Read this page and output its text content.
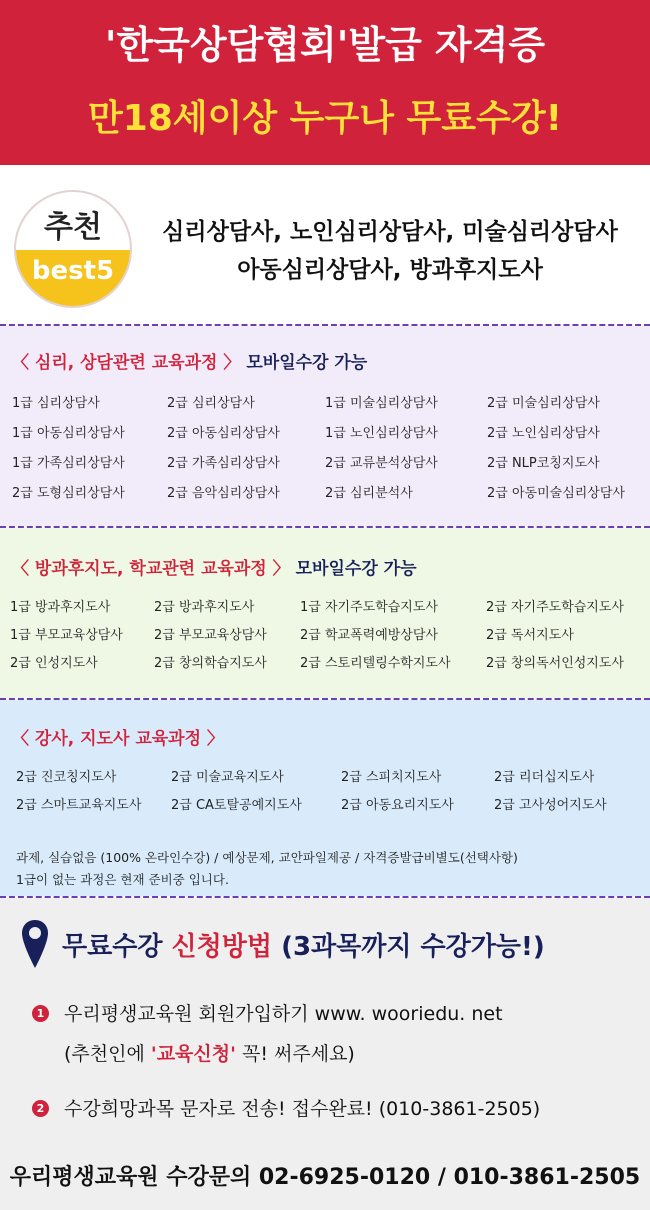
'한국상담협회'발급 자격증
만18세이상 누구나 무료수강!
추천
best5
심리상담사, 노인심리상담사, 미술심리상담사
아동심리상담사, 방과후지도사
〈 심리, 상담관련 교육과정 〉 모바일수강 가능
1급 심리상담사	2급 심리상담사	1급 미술심리상담사	2급 미술심리상담사
1급 아동심리상담사	2급 아동심리상담사	1급 노인심리상담사	2급 노인심리상담사
1급 가족심리상담사	2급 가족심리상담사	2급 교류분석상담사	2급 NLP코칭지도사
2급 도형심리상담사	2급 음악심리상담사	2급 심리분석사	2급 아동미술심리상담사
〈 방과후지도, 학교관련 교육과정 〉 모바일수강 가능
1급 방과후지도사	2급 방과후지도사	1급 자기주도학습지도사	2급 자기주도학습지도사
1급 부모교육상담사	2급 부모교육상담사	2급 학교폭력예방상담사	2급 독서지도사
2급 인성지도사	2급 창의학습지도사	2급 스토리텔링수학지도사	2급 창의독서인성지도사
〈 강사, 지도사 교육과정 〉
2급 진코칭지도사	2급 미술교육지도사	2급 스피치지도사	2급 리더십지도사
2급 스마트교육지도사	2급 CA토탈공예지도사	2급 아동요리지도사	2급 고사성어지도사
과제, 실습없음 (100% 온라인수강) / 예상문제, 교안파일제공 / 자격증발급비별도(선택사항)
1급이 없는 과정은 현재 준비중 입니다.
무료수강 신청방법 (3과목까지 수강가능!)
1 우리평생교육원 회원가입하기 www. wooriedu. net
(추천인에 '교육신청' 꼭! 써주세요)
2 수강희망과목 문자로 전송! 접수완료! (010-3861-2505)
우리평생교육원 수강문의 02-6925-0120 / 010-3861-2505
